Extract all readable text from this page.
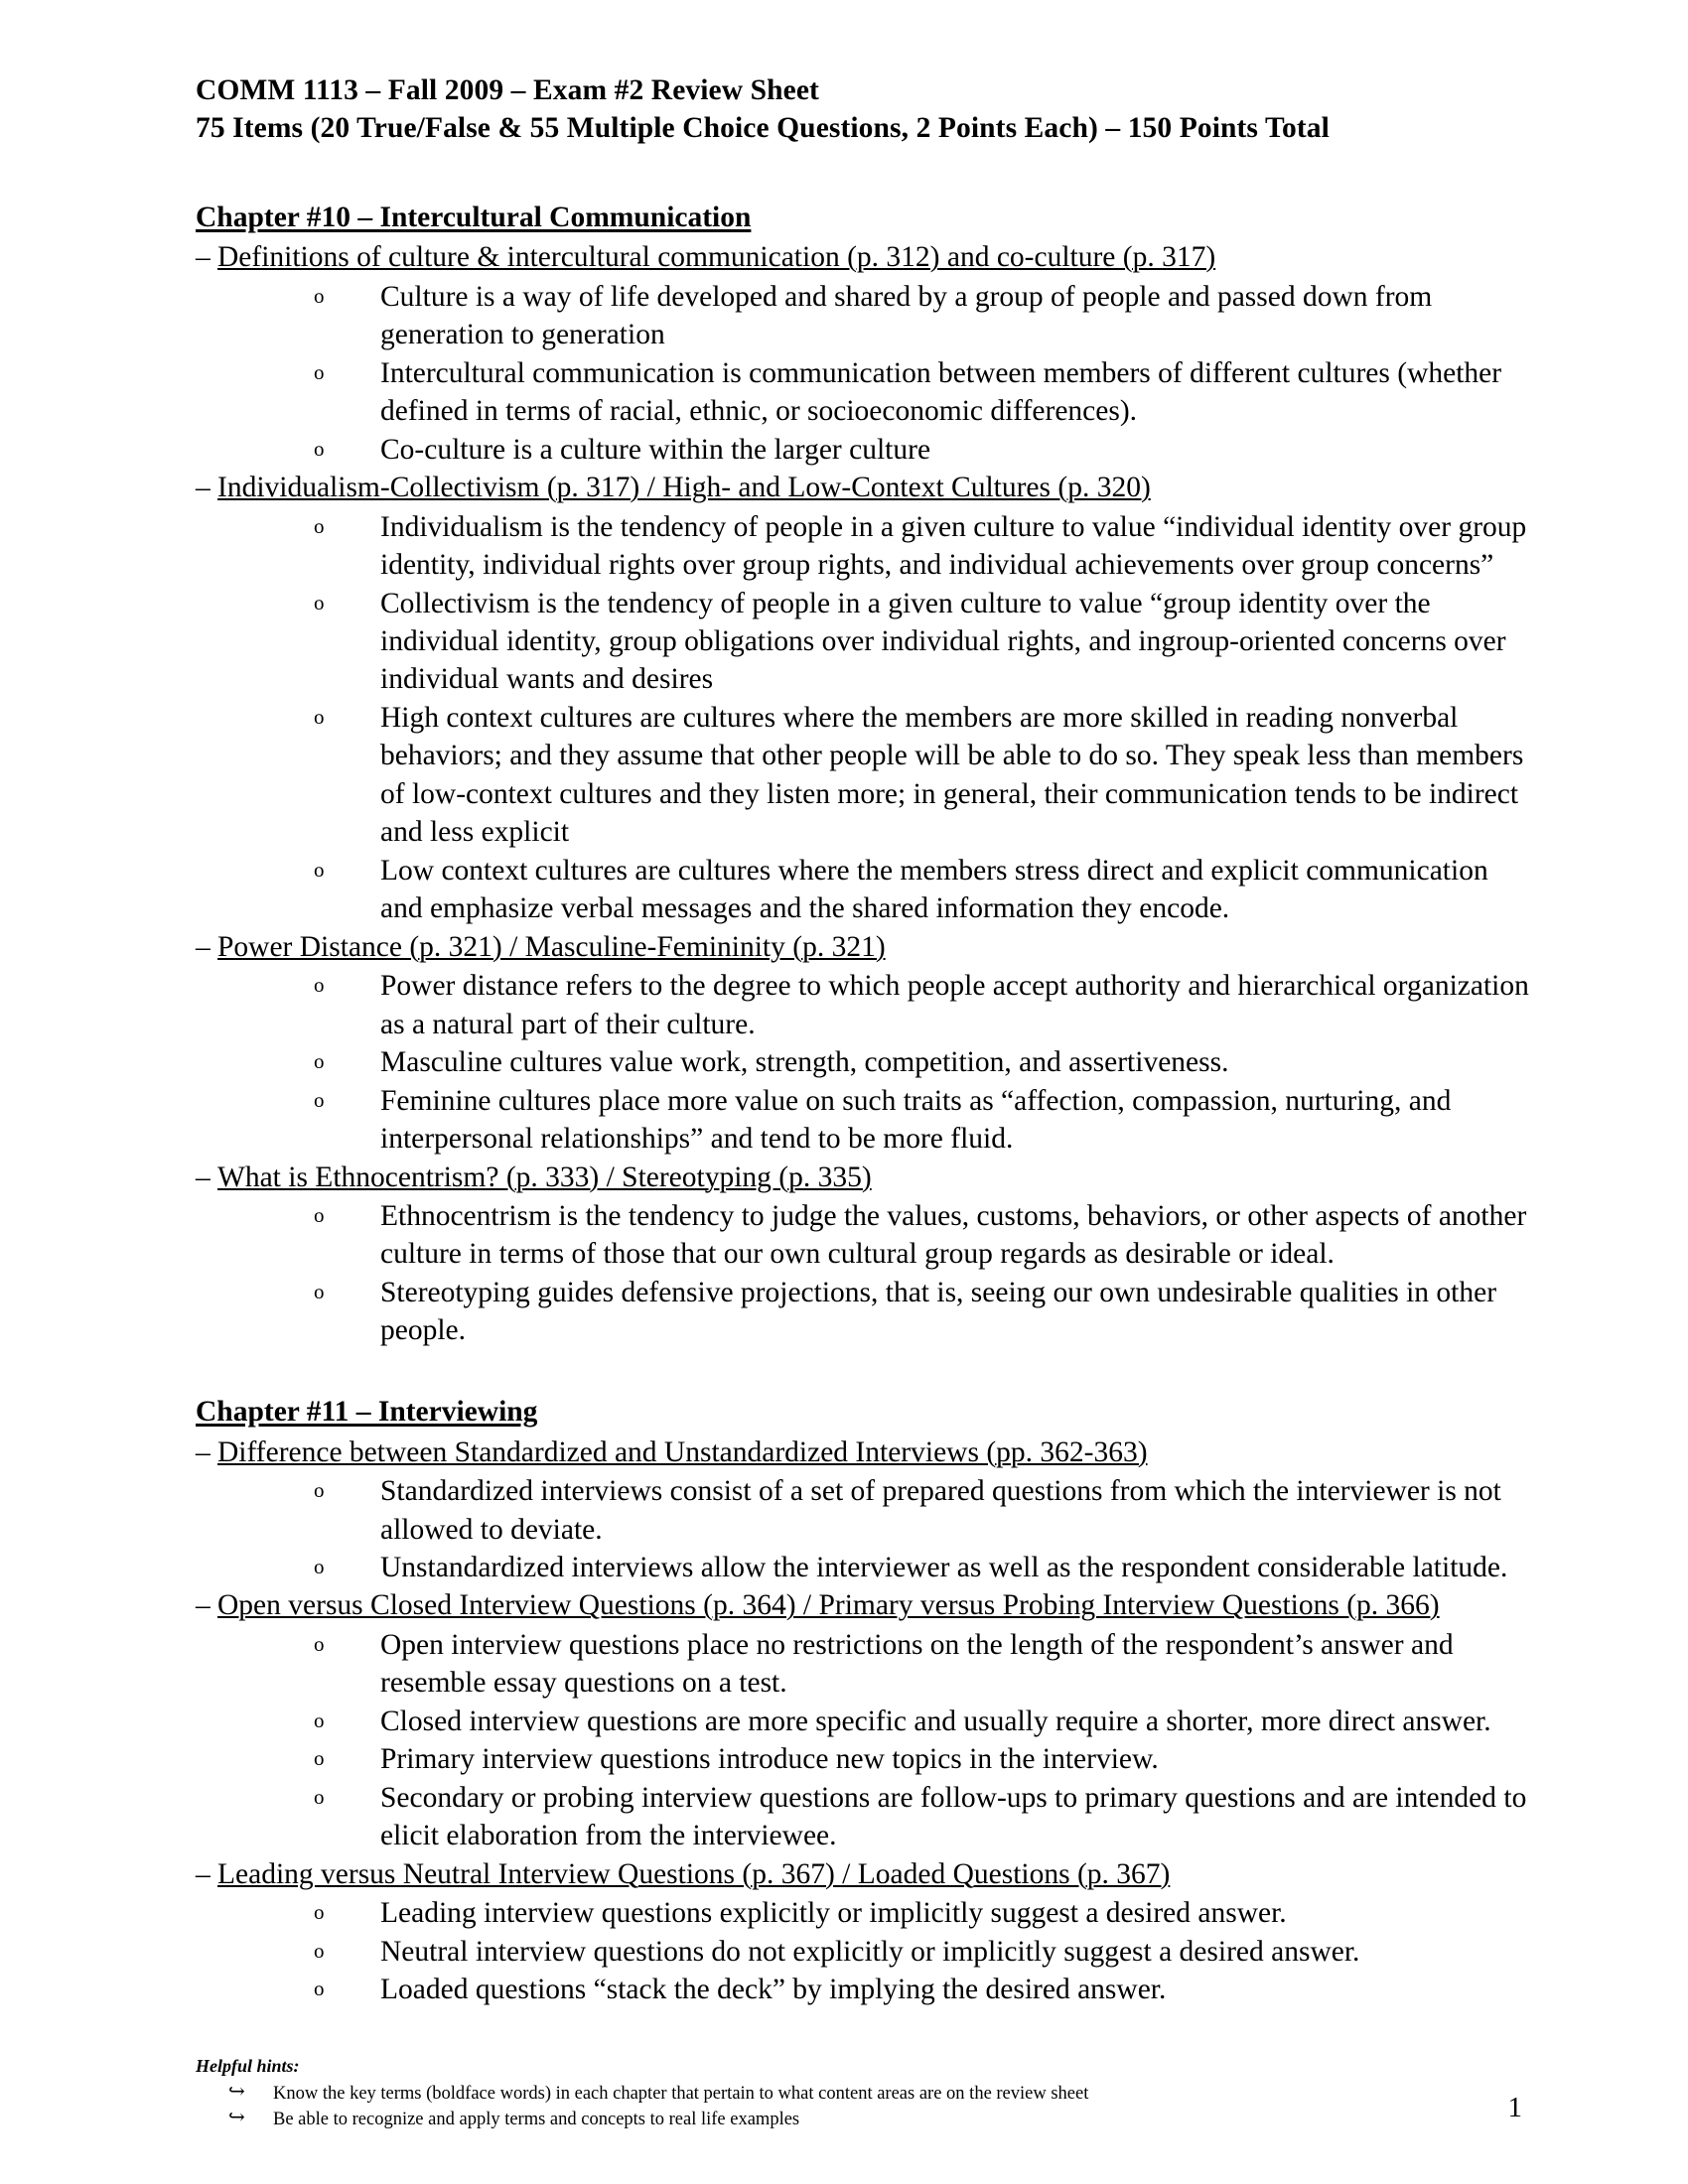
COMM 1113 – Fall 2009 – Exam #2 Review Sheet
75 Items (20 True/False & 55 Multiple Choice Questions, 2 Points Each) – 150 Points Total
Chapter #10 – Intercultural Communication
– Definitions of culture & intercultural communication (p. 312) and co-culture (p. 317)
o Culture is a way of life developed and shared by a group of people and passed down from generation to generation
o Intercultural communication is communication between members of different cultures (whether defined in terms of racial, ethnic, or socioeconomic differences).
o Co-culture is a culture within the larger culture
– Individualism-Collectivism (p. 317) / High- and Low-Context Cultures (p. 320)
o Individualism is the tendency of people in a given culture to value “individual identity over group identity, individual rights over group rights, and individual achievements over group concerns”
o Collectivism is the tendency of people in a given culture to value “group identity over the individual identity, group obligations over individual rights, and ingroup-oriented concerns over individual wants and desires
o High context cultures are cultures where the members are more skilled in reading nonverbal behaviors; and they assume that other people will be able to do so. They speak less than members of low-context cultures and they listen more; in general, their communication tends to be indirect and less explicit
o Low context cultures are cultures where the members stress direct and explicit communication and emphasize verbal messages and the shared information they encode.
– Power Distance (p. 321) / Masculine-Femininity (p. 321)
o Power distance refers to the degree to which people accept authority and hierarchical organization as a natural part of their culture.
o Masculine cultures value work, strength, competition, and assertiveness.
o Feminine cultures place more value on such traits as “affection, compassion, nurturing, and interpersonal relationships” and tend to be more fluid.
– What is Ethnocentrism? (p. 333) / Stereotyping (p. 335)
o Ethnocentrism is the tendency to judge the values, customs, behaviors, or other aspects of another culture in terms of those that our own cultural group regards as desirable or ideal.
o Stereotyping guides defensive projections, that is, seeing our own undesirable qualities in other people.
Chapter #11 – Interviewing
– Difference between Standardized and Unstandardized Interviews (pp. 362-363)
o Standardized interviews consist of a set of prepared questions from which the interviewer is not allowed to deviate.
o Unstandardized interviews allow the interviewer as well as the respondent considerable latitude.
– Open versus Closed Interview Questions (p. 364) / Primary versus Probing Interview Questions (p. 366)
o Open interview questions place no restrictions on the length of the respondent’s answer and resemble essay questions on a test.
o Closed interview questions are more specific and usually require a shorter, more direct answer.
o Primary interview questions introduce new topics in the interview.
o Secondary or probing interview questions are follow-ups to primary questions and are intended to elicit elaboration from the interviewee.
– Leading versus Neutral Interview Questions (p. 367) / Loaded Questions (p. 367)
o Leading interview questions explicitly or implicitly suggest a desired answer.
o Neutral interview questions do not explicitly or implicitly suggest a desired answer.
o Loaded questions “stack the deck” by implying the desired answer.
Helpful hints:
↪ Know the key terms (boldface words) in each chapter that pertain to what content areas are on the review sheet
↪ Be able to recognize and apply terms and concepts to real life examples	1
